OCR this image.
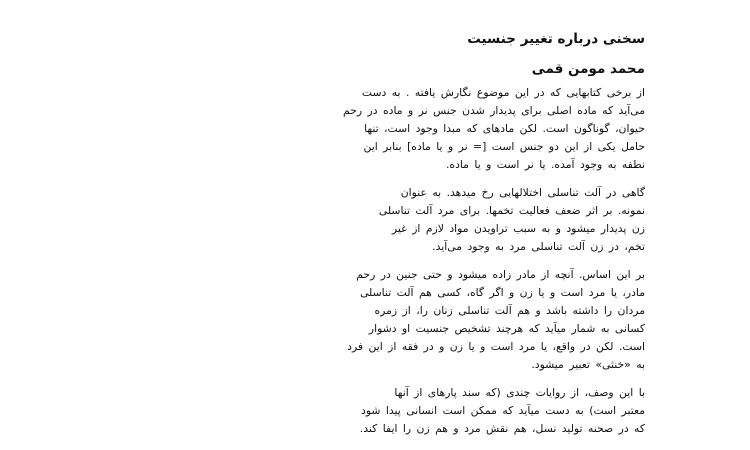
سخنی درباره تغییر جنسیت
محمد مومن قمی
از برخی کتابهایی که در این موضوع نگارش یافته . به دست
می‌آید که ماده اصلی برای پدیدار شدن جنس نر و ماده در رحم
حیوان، گوناگون است. لکن مادهای که مبدا وجود است، تنها
حامل یکی از این دو جنس است [= نر و یا ماده] بنابر این
نطفه به وجود آمده. یا نر است و یا ماده.
گاهی در آلت تناسلی اختلالهایی رخ میدهد. به عنوان
نمونه. بر اثر ضعف فعالیت تخمها. برای مرد آلت تناسلی
زن پدیدار میشود و به سبب تراویدن مواد لازم از غیر
تخم، در زن آلت تناسلی مرد به وجود می‌آید.
بر این اساس. آنچه از مادر زاده میشود و حتی جنین در رحم
مادر، یا مرد است و یا زن و اگر گاه، کسی هم آلت تناسلی
مردان را داشته باشد و هم آلت تناسلی زنان را، از زمره
کسانی به شمار میآید که هرچند تشخیص جنسیت او دشوار
است. لکن در واقع، یا مرد است و یا زن و در فقه از این فرد
به «خنثی» تعبیر میشود.
با این وصف، از روایات چندی (که سند پارهای از آنها
معتبر است) به دست میآید که ممکن است انسانی پیدا شود
که در صحنه تولید نسل، هم نقش مرد و هم زن را ایفا کند.
